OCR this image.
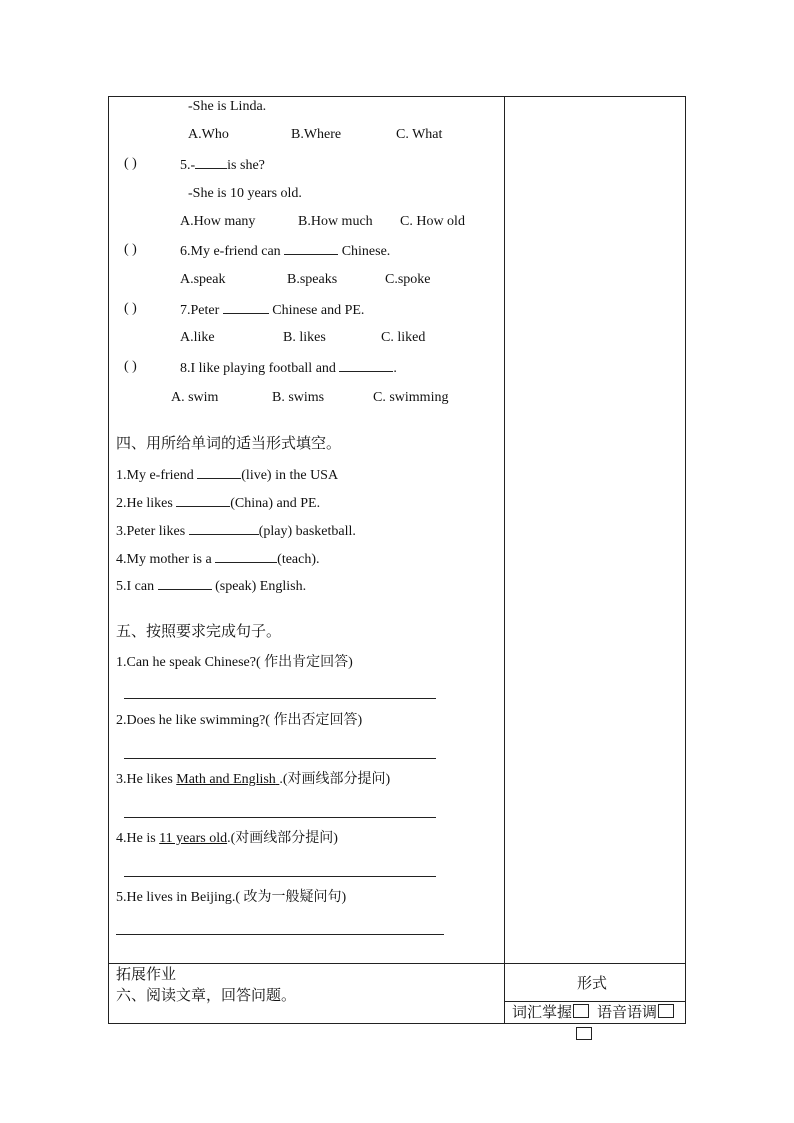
-She is Linda.
A.Who	B.Where	C. What
( )	5.- is she?
-She is 10 years old.
A.How many	B.How much C. How old
( )	6.My e-friend can	Chinese.
A.speak	B.speaks	C.spoke
( )	7.Peter	Chinese and PE.
A.like	B. likes	C. liked
( )	8.I like playing football and	.
A. swim	B. swims	C. swimming
四、用所给单词的适当形式填空。
1.My e-friend	(live) in the USA
2.He likes	(China) and PE.
3.Peter likes	(play) basketball.
4.My mother is a	(teach).
5.I can	(speak) English.
五、按照要求完成句子。
1.Can he speak Chinese?( 作出肯定回答)
2.Does he like swimming?( 作出否定回答)
3.He likes Math and English .(对画线部分提问)
4.He is 11 years old.(对画线部分提问)
5.He lives in Beijing.( 改为一般疑问句)
拓展作业
六、阅读文章，回答问题。
形式
词汇掌握	语音语调
